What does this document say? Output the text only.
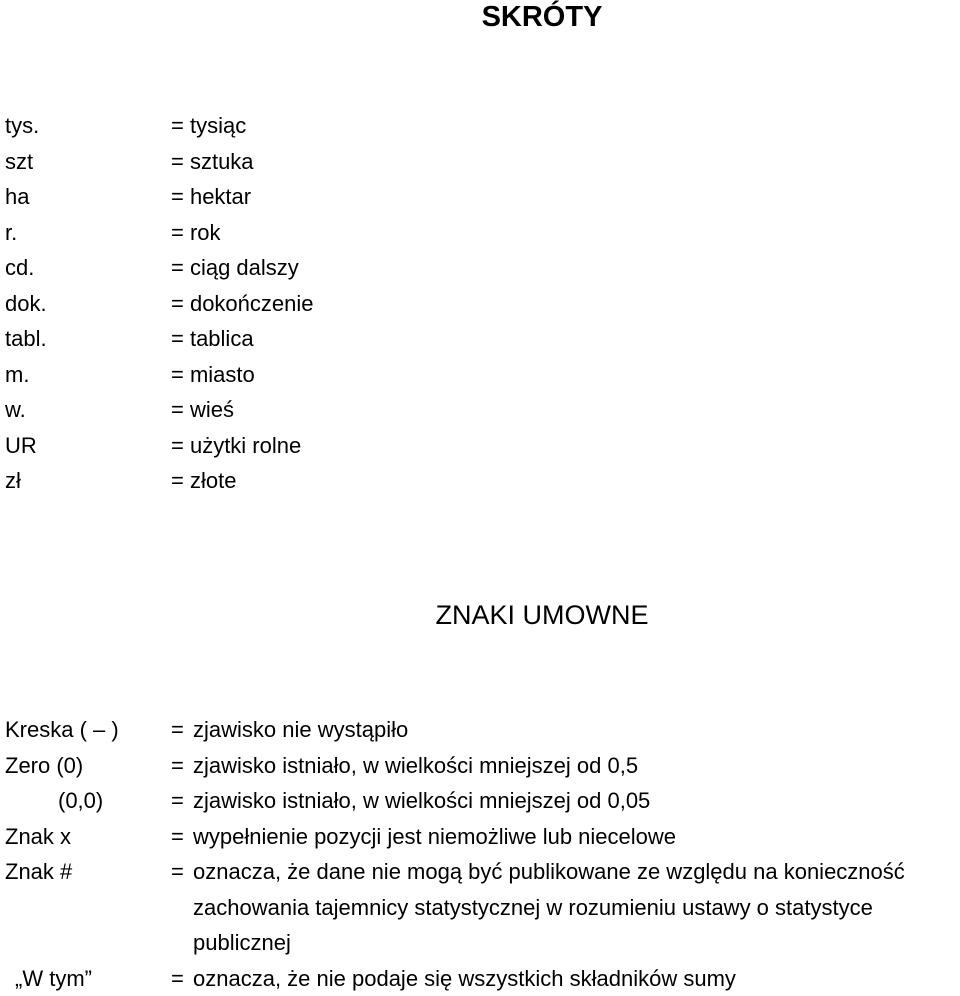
SKRÓTY
tys.	= tysiąc
szt	= sztuka
ha	= hektar
r.	= rok
cd.	= ciąg dalszy
dok.	= dokończenie
tabl.	= tablica
m.	= miasto
w.	= wieś
UR	= użytki rolne
zł	= złote
ZNAKI UMOWNE
Kreska ( – ) = zjawisko nie wystąpiło
Zero (0)	= zjawisko istniało, w wielkości mniejszej od 0,5
(0,0)	= zjawisko istniało, w wielkości mniejszej od 0,05
Znak x	= wypełnienie pozycji jest niemożliwe lub niecelowe
Znak #	= oznacza, że dane nie mogą być publikowane ze względu na konieczność
zachowania tajemnicy statystycznej w rozumieniu ustawy o statystyce
publicznej
„W tym”	= oznacza, że nie podaje się wszystkich składników sumy
